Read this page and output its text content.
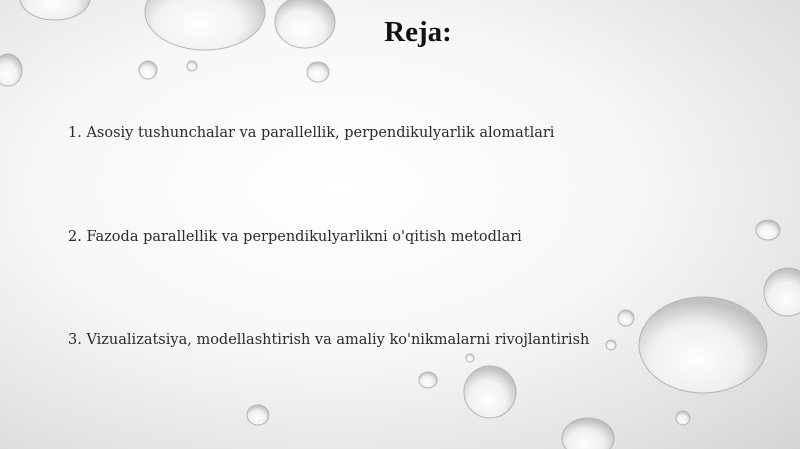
Reja:
1. Asosiy tushunchalar va parallellik, perpendikulyarlik alomatlari
2. Fazoda parallellik va perpendikulyarlikni o'qitish metodlari
3. Vizualizatsiya, modellashtirish va amaliy ko'nikmalarni rivojlantirish
